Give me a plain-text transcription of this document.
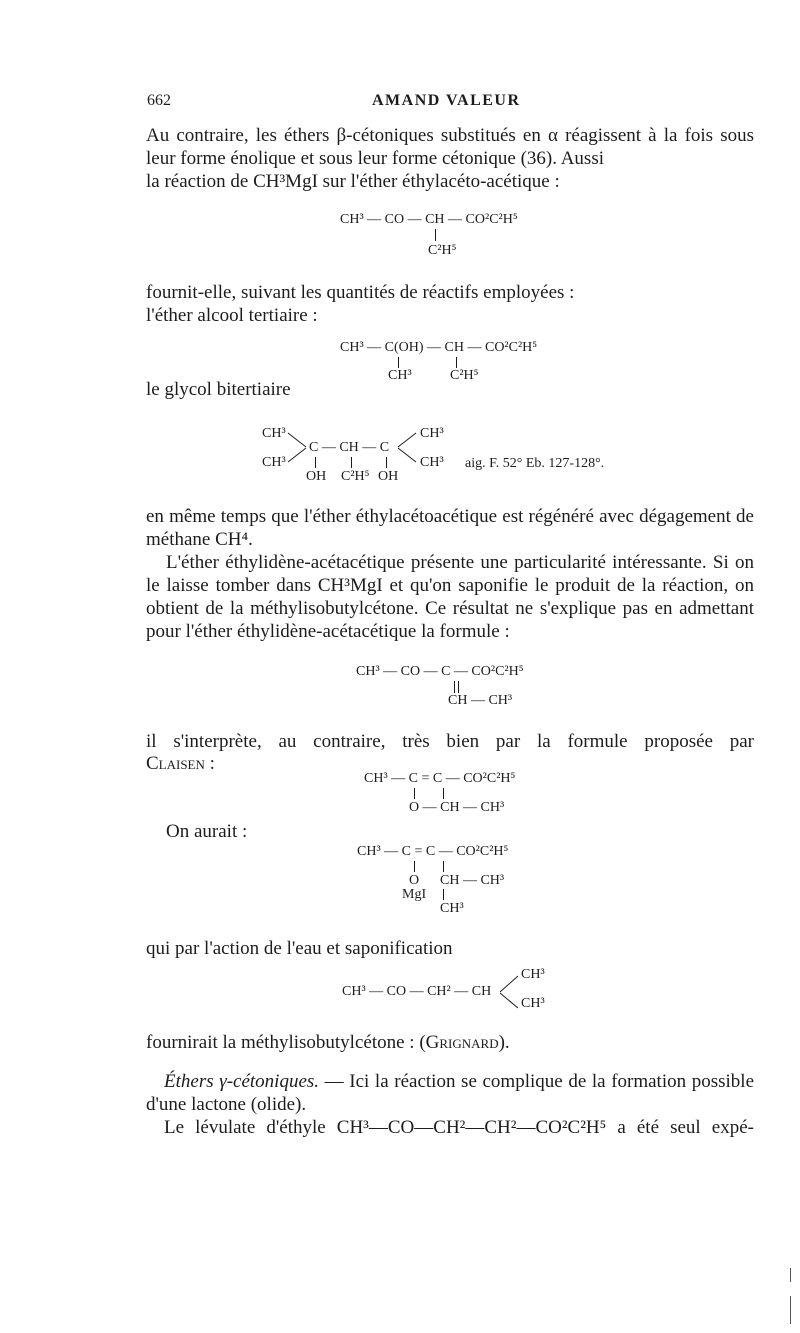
662	AMAND VALEUR
Au contraire, les éthers β-cétoniques substitués en α réagissent à la fois sous leur forme énolique et sous leur forme cétonique (36). Aussi
la réaction de CH³MgI sur l'éther éthylacéto-acétique :
CH³ — CO — CH — CO²C²H⁵
C²H⁵
fournit-elle, suivant les quantités de réactifs employées :
l'éther alcool tertiaire :
CH³ — C(OH) — CH — CO²C²H⁵
CH³	C²H⁵
le glycol bitertiaire
CH³
CH³
C — CH — C
CH³
CH³
OH C²H⁵ OH
aig. F. 52° Eb. 127-128°.
en même temps que l'éther éthylacétoacétique est régénéré avec dégagement de méthane CH⁴.
L'éther éthylidène-acétacétique présente une particularité intéressante. Si on le laisse tomber dans CH³MgI et qu'on saponifie le produit de la réaction, on obtient de la méthylisobutylcétone. Ce résultat ne s'explique pas en admettant pour l'éther éthylidène-acétacétique la formule :
CH³ — CO — C — CO²C²H⁵
CH — CH³
il s'interprète, au contraire, très bien par la formule proposée par
Claisen :
CH³ — C = C — CO²C²H⁵
O — CH — CH³
On aurait :
CH³ — C = C — CO²C²H⁵
O CH — CH³
MgI
CH³
qui par l'action de l'eau et saponification
CH³ — CO — CH² — CH
CH³
CH³
fournirait la méthylisobutylcétone : (Grignard).
Éthers γ-cétoniques. — Ici la réaction se complique de la formation possible d'une lactone (olide).
Le lévulate d'éthyle CH³—CO—CH²—CH²—CO²C²H⁵ a été seul expé-
